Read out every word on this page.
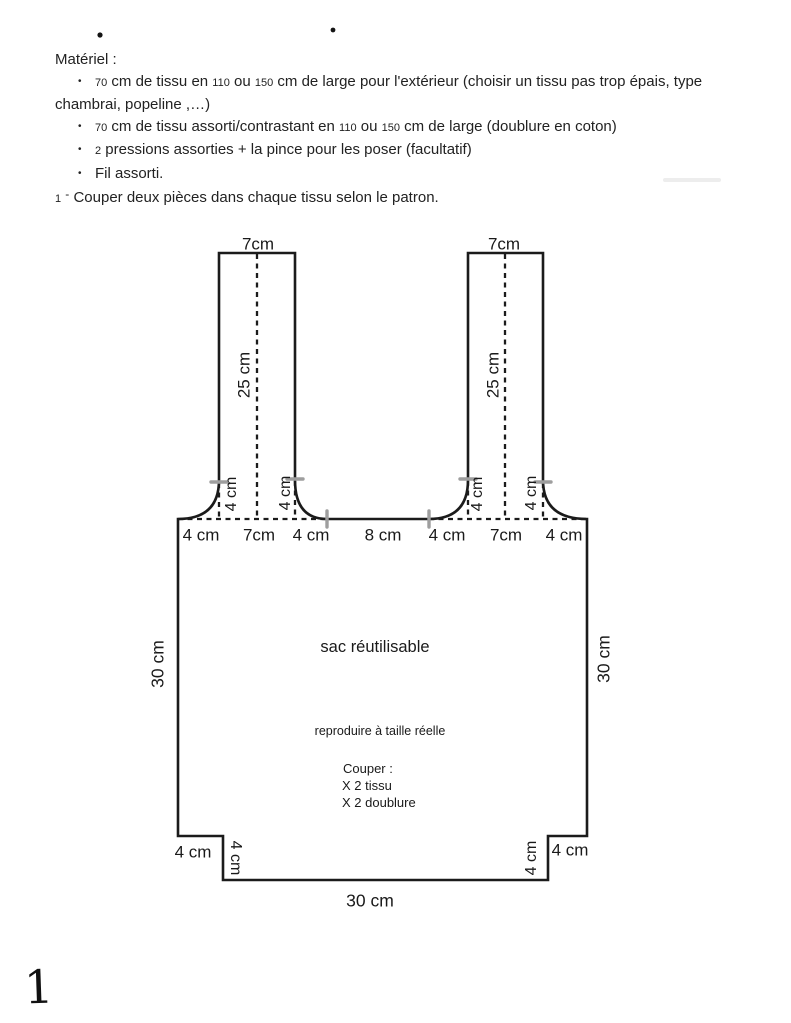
Matériel :
• 70 cm de tissu en 110 ou 150 cm de large pour l'extérieur (choisir un tissu pas trop épais, type
chambrai, popeline ,…)
• 70 cm de tissu assorti/contrastant en 110 ou 150 cm de large (doublure en coton)
• 2 pressions assorties + la pince pour les poser (facultatif)
• Fil assorti.
1 - Couper deux pièces dans chaque tissu selon le patron.
7cm	7cm
25 cm	25 cm
4 cm 4 cm	4 cm 4 cm
4 cm 7cm 4 cm 8 cm 4 cm 7cm 4 cm
30 cm	30 cm
30 cm
4 cm 4 cm	4 cm 4 cm
sac réutilisable
reproduire à taille réelle
Couper :
X 2 tissu
X 2 doublure
1
